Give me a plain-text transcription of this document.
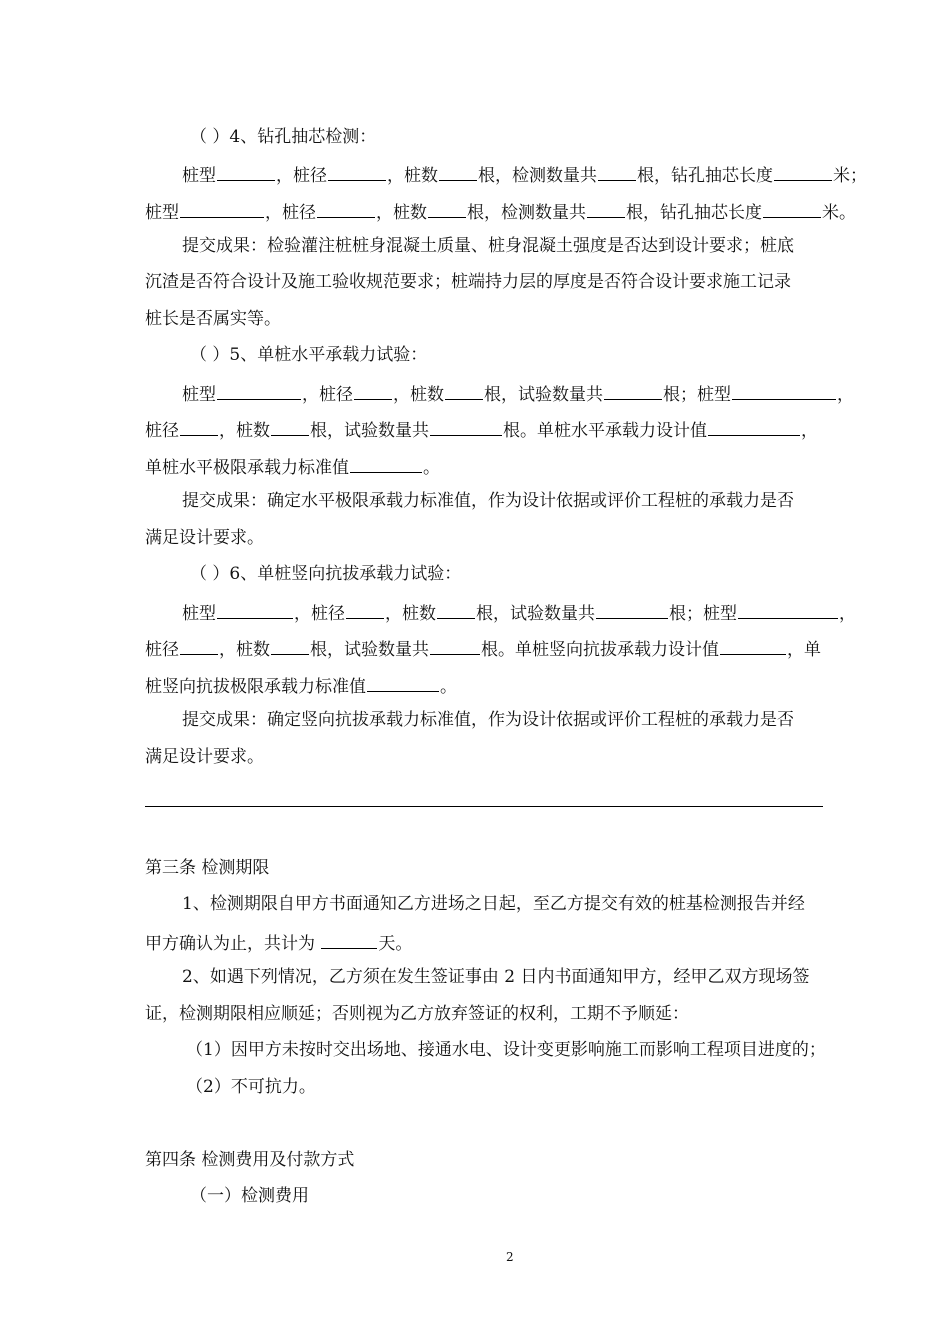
（ ）4、钻孔抽芯检测：
桩型	，桩径	，桩数 根，检测数量共 根，钻孔抽芯长度	米；
桩型	，桩径	，桩数 根，检测数量共 根，钻孔抽芯长度	米。
提交成果：检验灌注桩桩身混凝土质量、桩身混凝土强度是否达到设计要求；桩底
沉渣是否符合设计及施工验收规范要求；桩端持力层的厚度是否符合设计要求施工记录
桩长是否属实等。
（ ）5、单桩水平承载力试验：
桩型	，桩径 ，桩数 根，试验数量共	根；桩型	，
桩径 ，桩数 根，试验数量共	根。单桩水平承载力设计值	，
单桩水平极限承载力标准值	。
提交成果：确定水平极限承载力标准值，作为设计依据或评价工程桩的承载力是否
满足设计要求。
（ ）6、单桩竖向抗拔承载力试验：
桩型	，桩径 ，桩数 根，试验数量共	根；桩型	，
桩径 ，桩数 根，试验数量共	根。单桩竖向抗拔承载力设计值	，单
桩竖向抗拔极限承载力标准值	。
提交成果：确定竖向抗拔承载力标准值，作为设计依据或评价工程桩的承载力是否
满足设计要求。
第三条 检测期限
1、检测期限自甲方书面通知乙方进场之日起，至乙方提交有效的桩基检测报告并经
甲方确认为止，共计为	天。
2、如遇下列情况，乙方须在发生签证事由 2 日内书面通知甲方，经甲乙双方现场签
证，检测期限相应顺延；否则视为乙方放弃签证的权利，工期不予顺延：
（1）因甲方未按时交出场地、接通水电、设计变更影响施工而影响工程项目进度的；
（2）不可抗力。
第四条 检测费用及付款方式
（一）检测费用
2
